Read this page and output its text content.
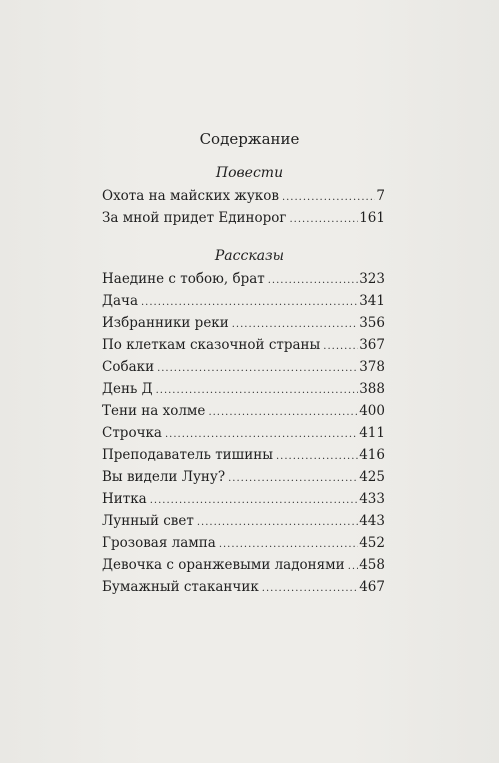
Содержание
Повести
Охота на майских жуков .....	7
За мной придет Единорог .....	161
Рассказы
Наедине с тобою, брат .....	323
Дача .....	341
Избранники реки .....	356
По клеткам сказочной страны .....	367
Собаки .....	378
День Д .....	388
Тени на холме .....	400
Строчка .....	411
Преподаватель тишины .....	416
Вы видели Луну? .....	425
Нитка .....	433
Лунный свет .....	443
Грозовая лампа .....	452
Девочка с оранжевыми ладонями ..... 458
Бумажный стаканчик .....	467
